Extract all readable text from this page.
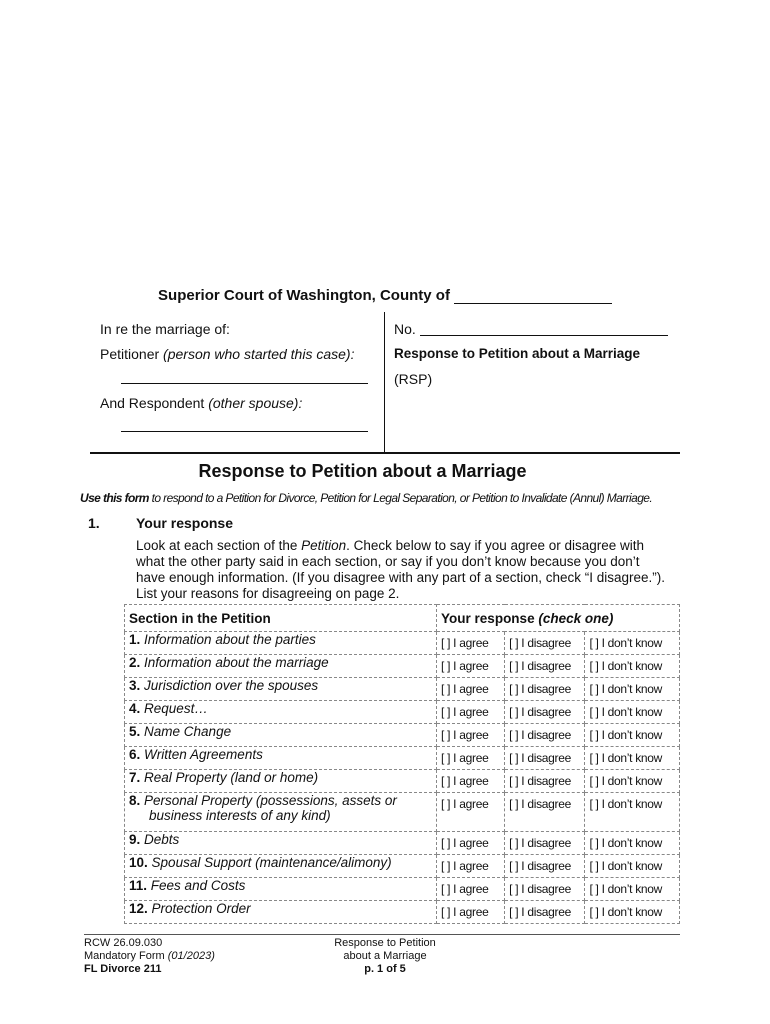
Superior Court of Washington, County of
In re the marriage of:
Petitioner (person who started this case):
And Respondent (other spouse):
No.
Response to Petition about a Marriage
(RSP)
Response to Petition about a Marriage
Use this form to respond to a Petition for Divorce, Petition for Legal Separation, or Petition to Invalidate (Annul) Marriage.
1.	Your response
Look at each section of the Petition. Check below to say if you agree or disagree with what the other party said in each section, or say if you don’t know because you don’t have enough information. (If you disagree with any part of a section, check “I disagree.”). List your reasons for disagreeing on page 2.
Section in the Petition	Your response (check one)		
1. Information about the parties	[ ] I agree	[ ] I disagree	[ ] I don’t know
2. Information about the marriage	[ ] I agree	[ ] I disagree	[ ] I don’t know
3. Jurisdiction over the spouses	[ ] I agree	[ ] I disagree	[ ] I don’t know
4. Request…	[ ] I agree	[ ] I disagree	[ ] I don’t know
5. Name Change	[ ] I agree	[ ] I disagree	[ ] I don’t know
6. Written Agreements	[ ] I agree	[ ] I disagree	[ ] I don’t know
7. Real Property (land or home)	[ ] I agree	[ ] I disagree	[ ] I don’t know
8. Personal Property (possessions, assets or
business interests of any kind)	[ ] I agree	[ ] I disagree	[ ] I don’t know
9. Debts	[ ] I agree	[ ] I disagree	[ ] I don’t know
10. Spousal Support (maintenance/alimony)	[ ] I agree	[ ] I disagree	[ ] I don’t know
11. Fees and Costs	[ ] I agree	[ ] I disagree	[ ] I don’t know
12. Protection Order	[ ] I agree	[ ] I disagree	[ ] I don’t know
RCW 26.09.030
Mandatory Form (01/2023)
FL Divorce 211
Response to Petition
about a Marriage
p. 1 of 5
